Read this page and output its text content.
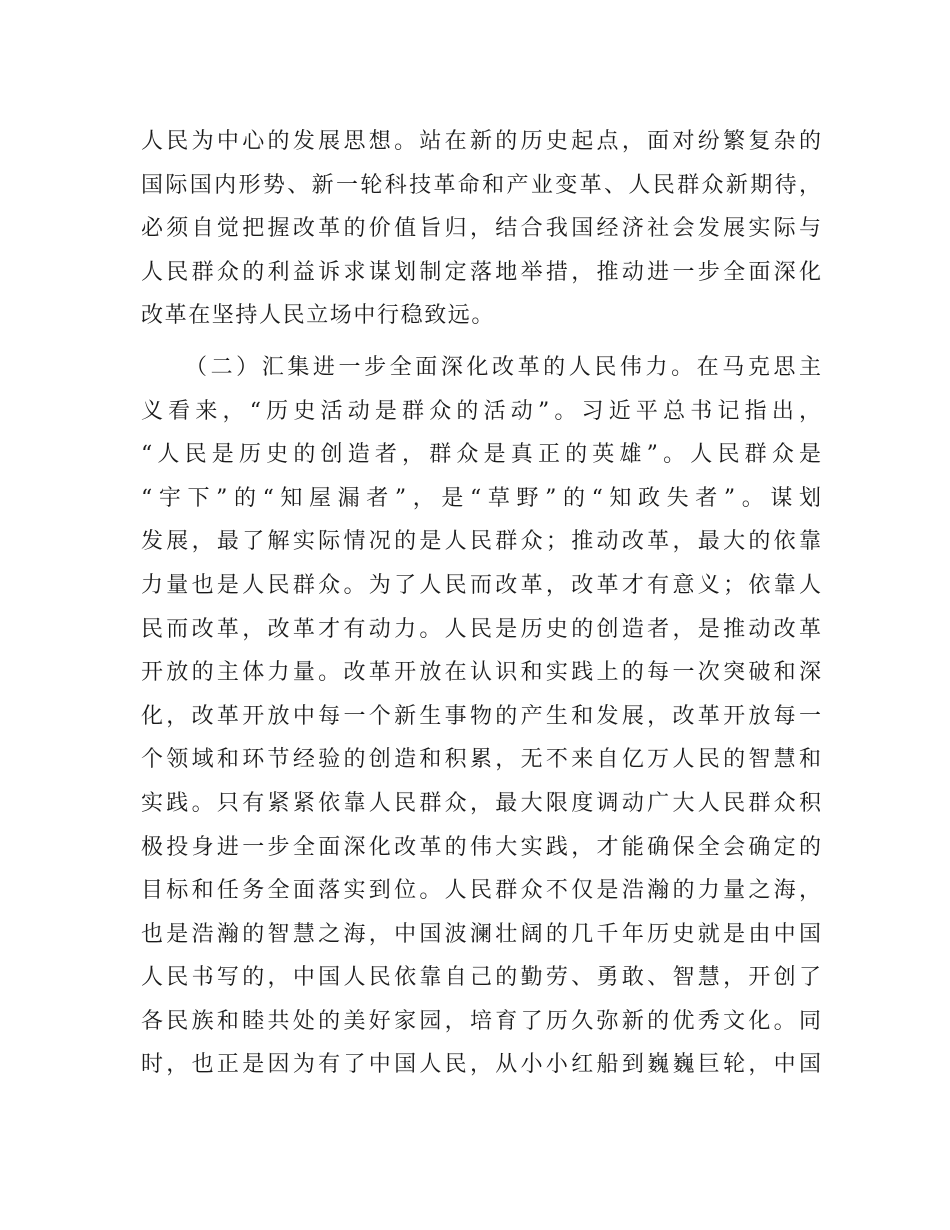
人民为中心的发展思想。站在新的历史起点，面对纷繁复杂的
国际国内形势、新一轮科技革命和产业变革、人民群众新期待，
必须自觉把握改革的价值旨归，结合我国经济社会发展实际与
人民群众的利益诉求谋划制定落地举措，推动进一步全面深化
改革在坚持人民立场中行稳致远。
（二）汇集进一步全面深化改革的人民伟力。在马克思主
义看来，“历史活动是群众的活动”。习近平总书记指出，
“人民是历史的创造者，群众是真正的英雄”。人民群众是
“宇下”的“知屋漏者”，是“草野”的“知政失者”。谋划
发展，最了解实际情况的是人民群众；推动改革，最大的依靠
力量也是人民群众。为了人民而改革，改革才有意义；依靠人
民而改革，改革才有动力。人民是历史的创造者，是推动改革
开放的主体力量。改革开放在认识和实践上的每一次突破和深
化，改革开放中每一个新生事物的产生和发展，改革开放每一
个领域和环节经验的创造和积累，无不来自亿万人民的智慧和
实践。只有紧紧依靠人民群众，最大限度调动广大人民群众积
极投身进一步全面深化改革的伟大实践，才能确保全会确定的
目标和任务全面落实到位。人民群众不仅是浩瀚的力量之海，
也是浩瀚的智慧之海，中国波澜壮阔的几千年历史就是由中国
人民书写的，中国人民依靠自己的勤劳、勇敢、智慧，开创了
各民族和睦共处的美好家园，培育了历久弥新的优秀文化。同
时，也正是因为有了中国人民，从小小红船到巍巍巨轮，中国
